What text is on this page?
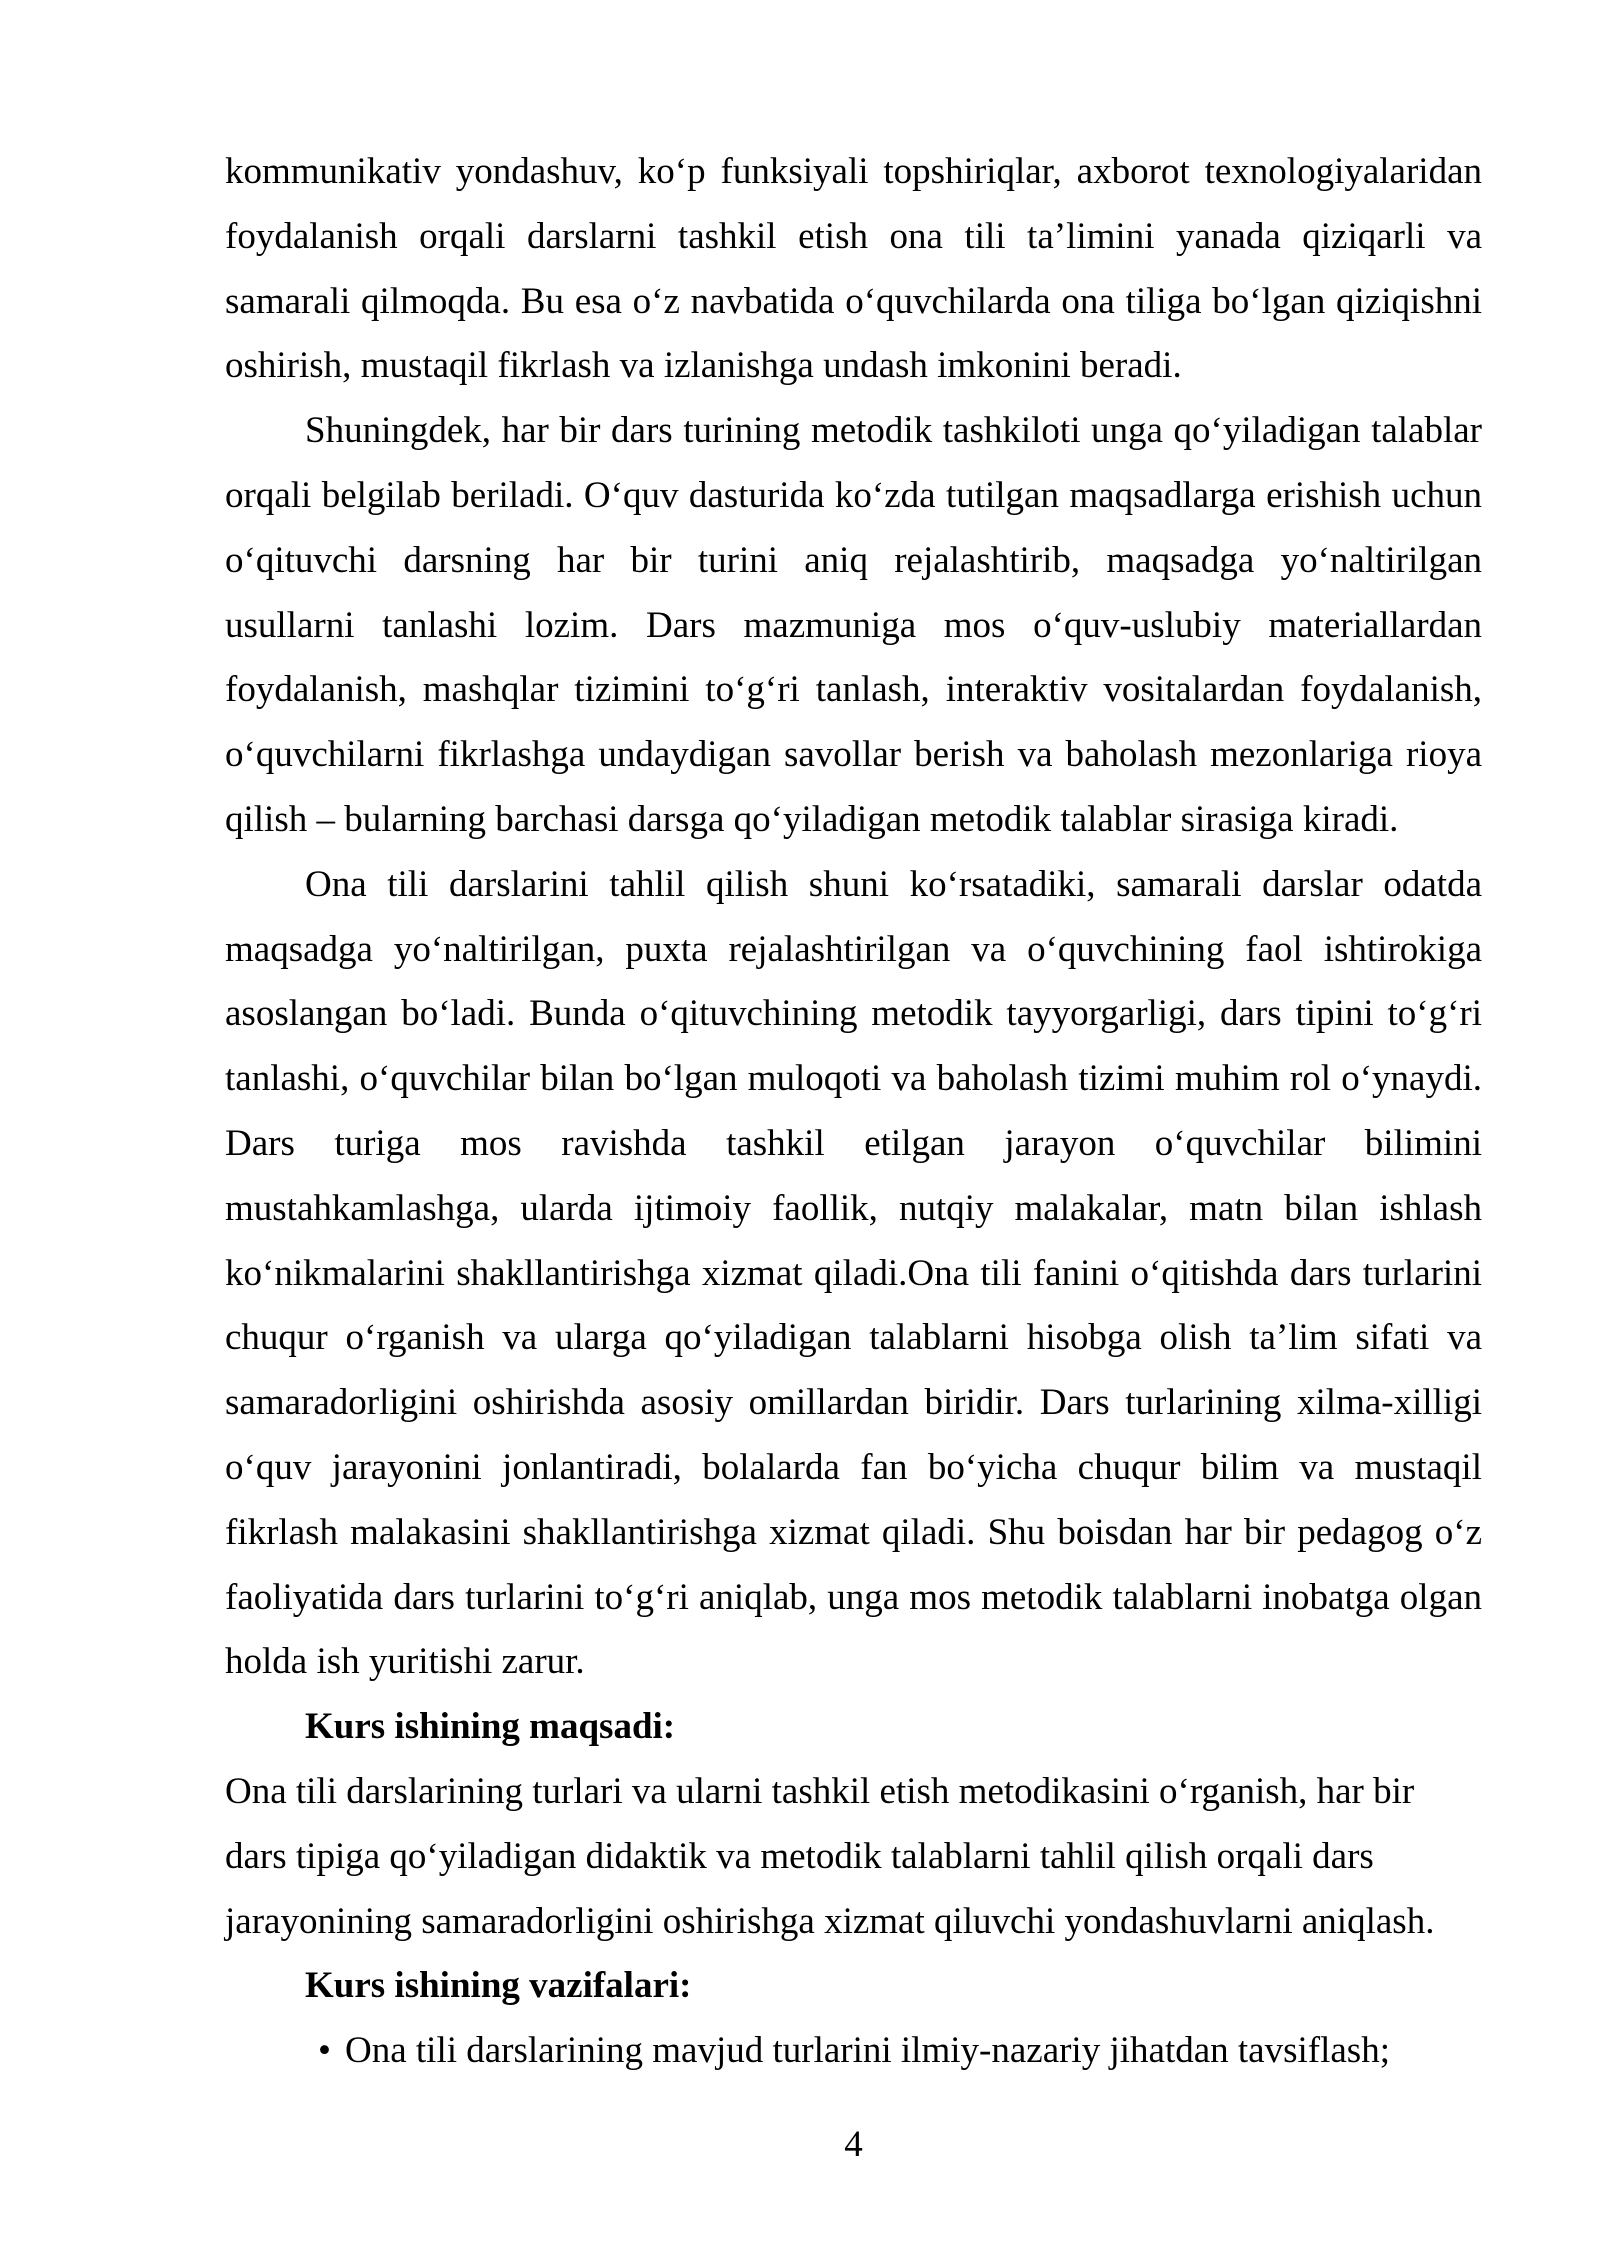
kommunikativ yondashuv, ko‘p funksiyali topshiriqlar, axborot texnologiyalaridan
foydalanish orqali darslarni tashkil etish ona tili ta’limini yanada qiziqarli va
samarali qilmoqda. Bu esa o‘z navbatida o‘quvchilarda ona tiliga bo‘lgan qiziqishni
oshirish, mustaqil fikrlash va izlanishga undash imkonini beradi.
Shuningdek, har bir dars turining metodik tashkiloti unga qo‘yiladigan talablar
orqali belgilab beriladi. O‘quv dasturida ko‘zda tutilgan maqsadlarga erishish uchun
o‘qituvchi darsning har bir turini aniq rejalashtirib, maqsadga yo‘naltirilgan
usullarni tanlashi lozim. Dars mazmuniga mos o‘quv-uslubiy materiallardan
foydalanish, mashqlar tizimini to‘g‘ri tanlash, interaktiv vositalardan foydalanish,
o‘quvchilarni fikrlashga undaydigan savollar berish va baholash mezonlariga rioya
qilish – bularning barchasi darsga qo‘yiladigan metodik talablar sirasiga kiradi.
Ona tili darslarini tahlil qilish shuni ko‘rsatadiki, samarali darslar odatda
maqsadga yo‘naltirilgan, puxta rejalashtirilgan va o‘quvchining faol ishtirokiga
asoslangan bo‘ladi. Bunda o‘qituvchining metodik tayyorgarligi, dars tipini to‘g‘ri
tanlashi, o‘quvchilar bilan bo‘lgan muloqoti va baholash tizimi muhim rol o‘ynaydi.
Dars turiga mos ravishda tashkil etilgan jarayon o‘quvchilar bilimini
mustahkamlashga, ularda ijtimoiy faollik, nutqiy malakalar, matn bilan ishlash
ko‘nikmalarini shakllantirishga xizmat qiladi.Ona tili fanini o‘qitishda dars turlarini
chuqur o‘rganish va ularga qo‘yiladigan talablarni hisobga olish ta’lim sifati va
samaradorligini oshirishda asosiy omillardan biridir. Dars turlarining xilma-xilligi
o‘quv jarayonini jonlantiradi, bolalarda fan bo‘yicha chuqur bilim va mustaqil
fikrlash malakasini shakllantirishga xizmat qiladi. Shu boisdan har bir pedagog o‘z
faoliyatida dars turlarini to‘g‘ri aniqlab, unga mos metodik talablarni inobatga olgan
holda ish yuritishi zarur.
Kurs ishining maqsadi:
Ona tili darslarining turlari va ularni tashkil etish metodikasini o‘rganish, har bir
dars tipiga qo‘yiladigan didaktik va metodik talablarni tahlil qilish orqali dars
jarayonining samaradorligini oshirishga xizmat qiluvchi yondashuvlarni aniqlash.
Kurs ishining vazifalari:
• Ona tili darslarining mavjud turlarini ilmiy-nazariy jihatdan tavsiflash;
4
